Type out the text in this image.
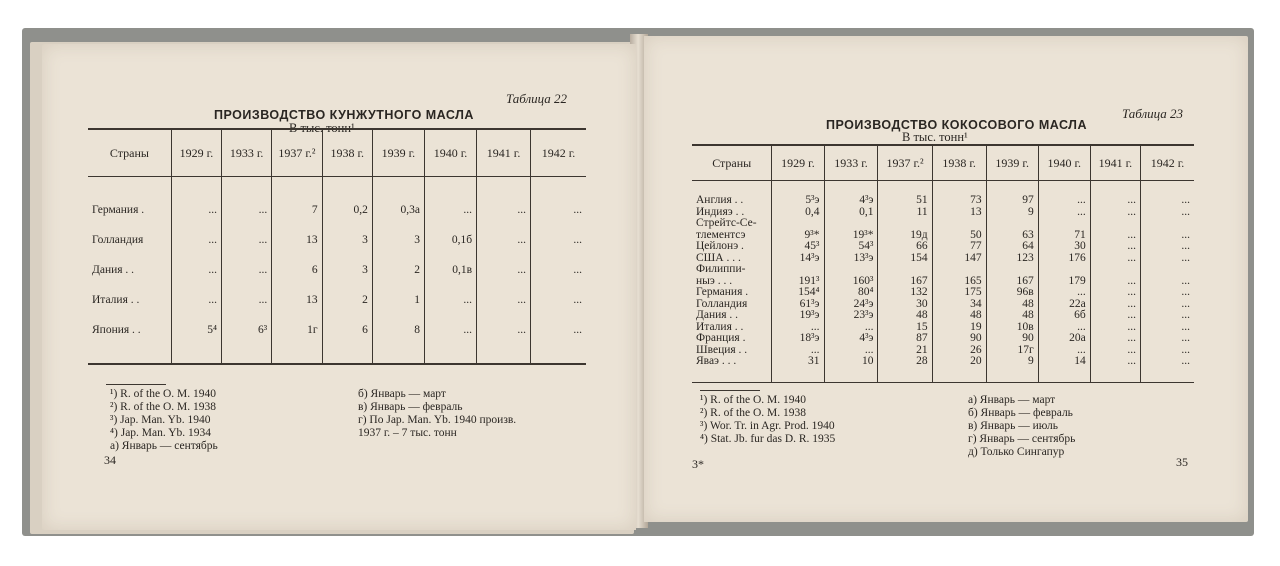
Таблица 22
ПРОИЗВОДСТВО КУНЖУТНОГО МАСЛА
В тыс. тонн¹
Страны	1929 г.	1933 г.	1937 г.²	1938 г.	1939 г.	1940 г.	1941 г.	1942 г.

Германия .	...	...	7	0,2	0,3а	...	...	...
Голландия	...	...	13	3	3	0,1б	...	...
Дания . .	...	...	6	3	2	0,1в	...	...
Италия . .	...	...	13	2	1	...	...	...
Япония . .	5⁴	6³	1г	6	8	...	...	...

¹) R. of the O. M. 1940
²) R. of the O. M. 1938
³) Jap. Man. Yb. 1940
⁴) Jap. Man. Yb. 1934
а) Январь — сентябрь
б) Январь — март
в) Январь — февраль
г) По Jap. Man. Yb. 1940 произв.
1937 г. – 7 тыс. тонн
34
Таблица 23
ПРОИЗВОДСТВО КОКОСОВОГО МАСЛА
В тыс. тонн¹
Страны	1929 г.	1933 г.	1937 г.²	1938 г.	1939 г.	1940 г.	1941 г.	1942 г.

Англия . .	5³э	4³э	51	73	97	...	...	...
Индияэ . .	0,4	0,1	11	13	9	...	...	...
Стрейтс-Се-								
тлементсэ	9³*	19³*	19д	50	63	71	...	...
Цейлонэ .	45³	54³	66	77	64	30	...	...
США . . .	14³э	13³э	154	147	123	176	...	...
Филиппи-								
ныэ . . .	191³	160³	167	165	167	179	...	...
Германия .	154⁴	80⁴	132	175	96в	...	...	...
Голландия	61³э	24³э	30	34	48	22а	...	...
Дания . .	19³э	23³э	48	48	48	6б	...	...
Италия . .	...	...	15	19	10в	...	...	...
Франция .	18³э	4³э	87	90	90	20а	...	...
Швеция . .	...	...	21	26	17г	...	...	...
Яваэ . . .	31	10	28	20	9	14	...	...

¹) R. of the O. M. 1940
²) R. of the O. M. 1938
³) Wor. Tr. in Agr. Prod. 1940
⁴) Stat. Jb. fur das D. R. 1935
а) Январь — март
б) Январь — февраль
в) Январь — июль
г) Январь — сентябрь
д) Только Сингапур
3*	35
